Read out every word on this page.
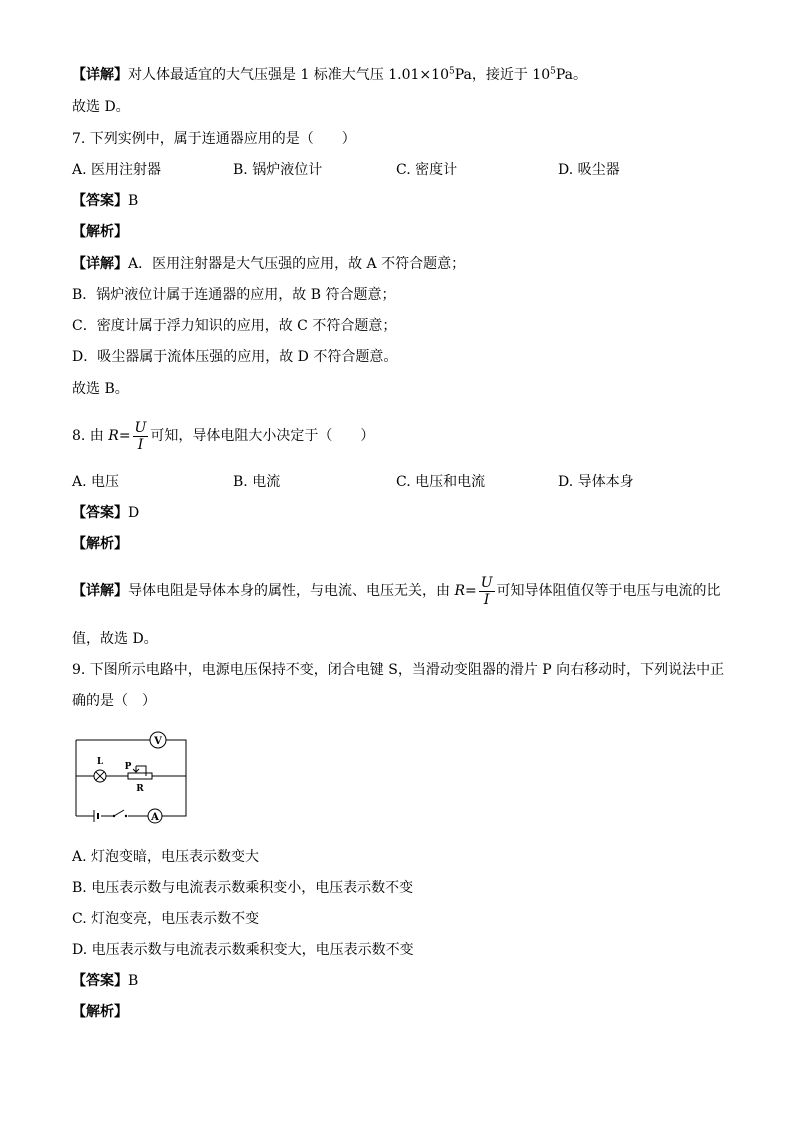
【详解】对人体最适宜的大气压强是 1 标准大气压 $1.01\times 10^5Pa$，接近于 $10^5Pa$。
故选 D。
7. 下列实例中，属于连通器应用的是（　　）
A. 医用注射器	B. 锅炉液位计	C. 密度计	D. 吸尘器
【答案】B
【解析】
【详解】A．医用注射器是大气压强的应用，故 A 不符合题意；
B．锅炉液位计属于连通器的应用，故 B 符合题意；
C．密度计属于浮力知识的应用，故 C 不符合题意；
D．吸尘器属于流体压强的应用，故 D 不符合题意。
故选 B。
8. 由 $R= \frac{U}{I}$ 可知，导体电阻大小决定于（　　）
A. 电压	B. 电流	C. 电压和电流	D. 导体本身
【答案】D
【解析】
【详解】导体电阻是导体本身的属性，与电流、电压无关，由 $R= \frac{U}{I}$ 可知导体阻值仅等于电压与电流的比
值，故选 D。
9. 下图所示电路中，电源电压保持不变，闭合电键 S，当滑动变阻器的滑片 P 向右移动时，下列说法中正
确的是（　）
V
L P
R
A
A. 灯泡变暗，电压表示数变大
B. 电压表示数与电流表示数乘积变小，电压表示数不变
C. 灯泡变亮，电压表示数不变
D. 电压表示数与电流表示数乘积变大，电压表示数不变
【答案】B
【解析】
